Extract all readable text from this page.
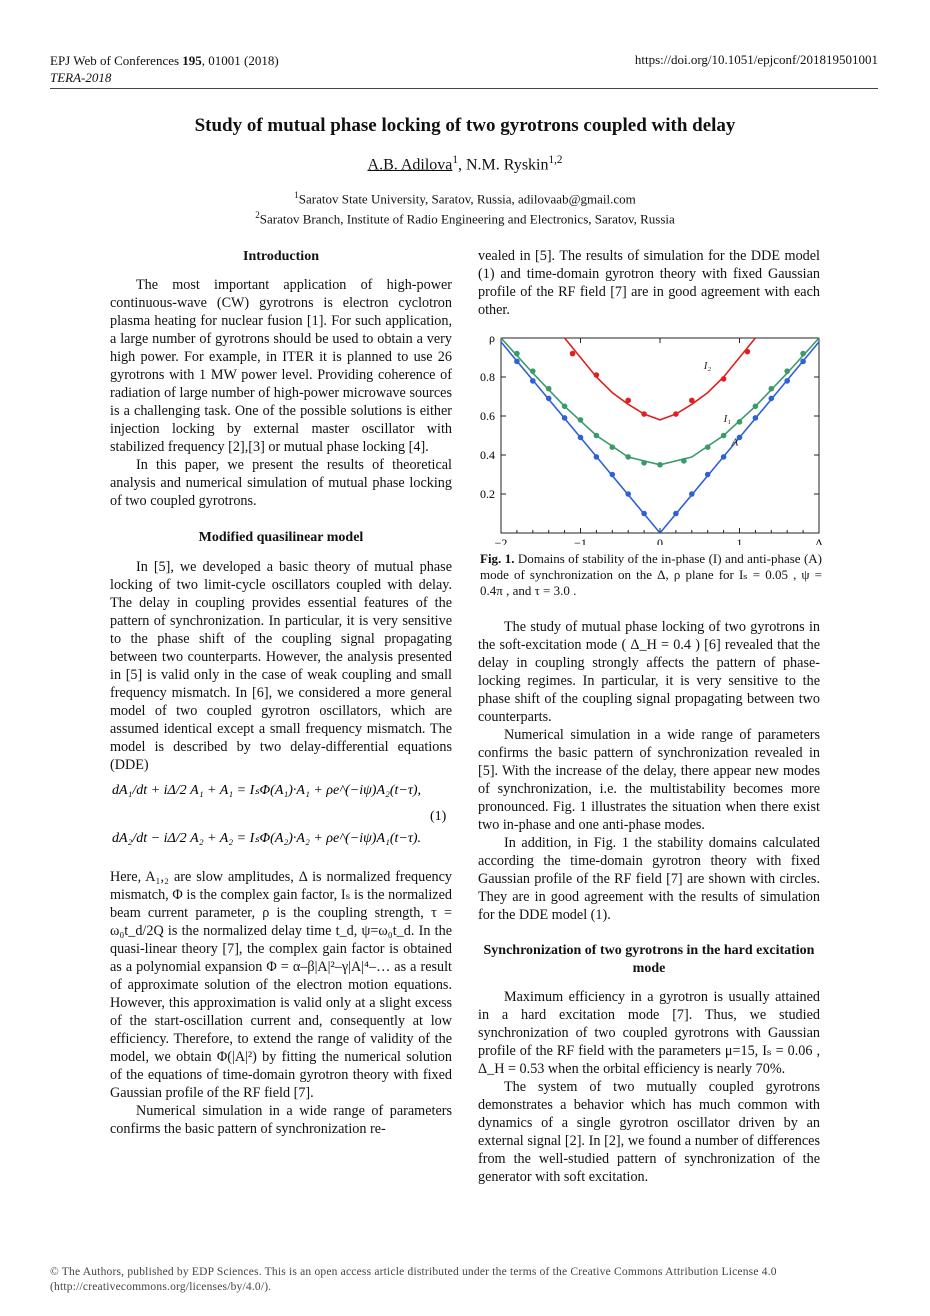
EPJ Web of Conferences 195, 01001 (2018)
TERA-2018
https://doi.org/10.1051/epjconf/201819501001
Study of mutual phase locking of two gyrotrons coupled with delay
A.B. Adilova$^1$, N.M. Ryskin$^{1,2}$
$^1$Saratov State University, Saratov, Russia, adilovaab@gmail.com
$^2$Saratov Branch, Institute of Radio Engineering and Electronics, Saratov, Russia

Introduction

The most important application of high-power continuous-wave (CW) gyrotrons is electron cyclotron plasma heating for nuclear fusion [1]. For such application, a large number of gyrotrons should be used to obtain a very high power. For example, in ITER it is planned to use 26 gyrotrons with 1 MW power level. Providing coherence of radiation of large number of high-power microwave sources is a challenging task. One of the possible solutions is either injection locking by external master oscillator with stabilized frequency [2],[3] or mutual phase locking [4].

In this paper, we present the results of theoretical analysis and numerical simulation of mutual phase locking of two coupled gyrotrons.

Modified quasilinear model

In [5], we developed a basic theory of mutual phase locking of two limit-cycle oscillators coupled with delay. The delay in coupling provides essential features of the pattern of synchronization. In particular, it is very sensitive to the phase shift of the coupling signal propagating between two counterparts. However, the analysis presented in [5] is valid only in the case of weak coupling and small frequency mismatch. In [6], we considered a more general model of two coupled gyrotron oscillators, which are assumed identical except a small frequency mismatch. The model is described by two delay-differential equations (DDE)

dA₁/dt + iΔ/2 A₁ + A₁ = IₛΦ(A₁)·A₁ + ρe^(−iψ)A₂(t−τ),
dA₂/dt − iΔ/2 A₂ + A₂ = IₛΦ(A₂)·A₂ + ρe^(−iψ)A₁(t−τ).
(1)

Here, A₁,₂ are slow amplitudes, Δ is normalized frequency mismatch, Φ is the complex gain factor, Iₛ is the normalized beam current parameter, ρ is the coupling strength, τ = ω₀t_d/2Q is the normalized delay time t_d, ψ=ω₀t_d. In the quasi-linear theory [7], the complex gain factor is obtained as a polynomial expansion Φ = α–β|A|²–γ|A|⁴–… as a result of approximate solution of the electron motion equations. However, this approximation is valid only at a slight excess of the start-oscillation current and, consequently at low efficiency. Therefore, to extend the range of validity of the model, we obtain Φ(|A|²) by fitting the numerical solution of the equations of time-domain gyrotron theory with fixed Gaussian profile of the RF field [7].

Numerical simulation in a wide range of parameters confirms the basic pattern of synchronization re-

vealed in [5]. The results of simulation for the DDE model (1) and time-domain gyrotron theory with fixed Gaussian profile of the RF field [7] are in good agreement with each other.

0.2
0.4
0.6
0.8
ρ
−2	−1	0	1	Δ
I₂
I₁
A
Fig. 1. Domains of stability of the in-phase (I) and anti-phase (A) mode of synchronization on the Δ, ρ plane for Iₛ = 0.05 , ψ = 0.4π , and τ = 3.0 .

The study of mutual phase locking of two gyrotrons in the soft-excitation mode ( Δ_H = 0.4 ) [6] revealed that the delay in coupling strongly affects the pattern of phase-locking regimes. In particular, it is very sensitive to the phase shift of the coupling signal propagating between two counterparts.

Numerical simulation in a wide range of parameters confirms the basic pattern of synchronization revealed in [5]. With the increase of the delay, there appear new modes of synchronization, i.e. the multistability becomes more pronounced. Fig. 1 illustrates the situation when there exist two in-phase and one anti-phase modes.

In addition, in Fig. 1 the stability domains calculated according the time-domain gyrotron theory with fixed Gaussian profile of the RF field [7] are shown with circles. They are in good agreement with the results of simulation for the DDE model (1).

Synchronization of two gyrotrons in the hard excitation mode

Maximum efficiency in a gyrotron is usually attained in a hard excitation mode [7]. Thus, we studied synchronization of two coupled gyrotrons with Gaussian profile of the RF field with the parameters μ=15, Iₛ = 0.06 , Δ_H = 0.53 when the orbital efficiency is nearly 70%.

The system of two mutually coupled gyrotrons demonstrates a behavior which has much common with dynamics of a single gyrotron oscillator driven by an external signal [2]. In [2], we found a number of differences from the well-studied pattern of synchronization of the generator with soft excitation.

© The Authors, published by EDP Sciences. This is an open access article distributed under the terms of the Creative Commons Attribution License 4.0
(http://creativecommons.org/licenses/by/4.0/).
